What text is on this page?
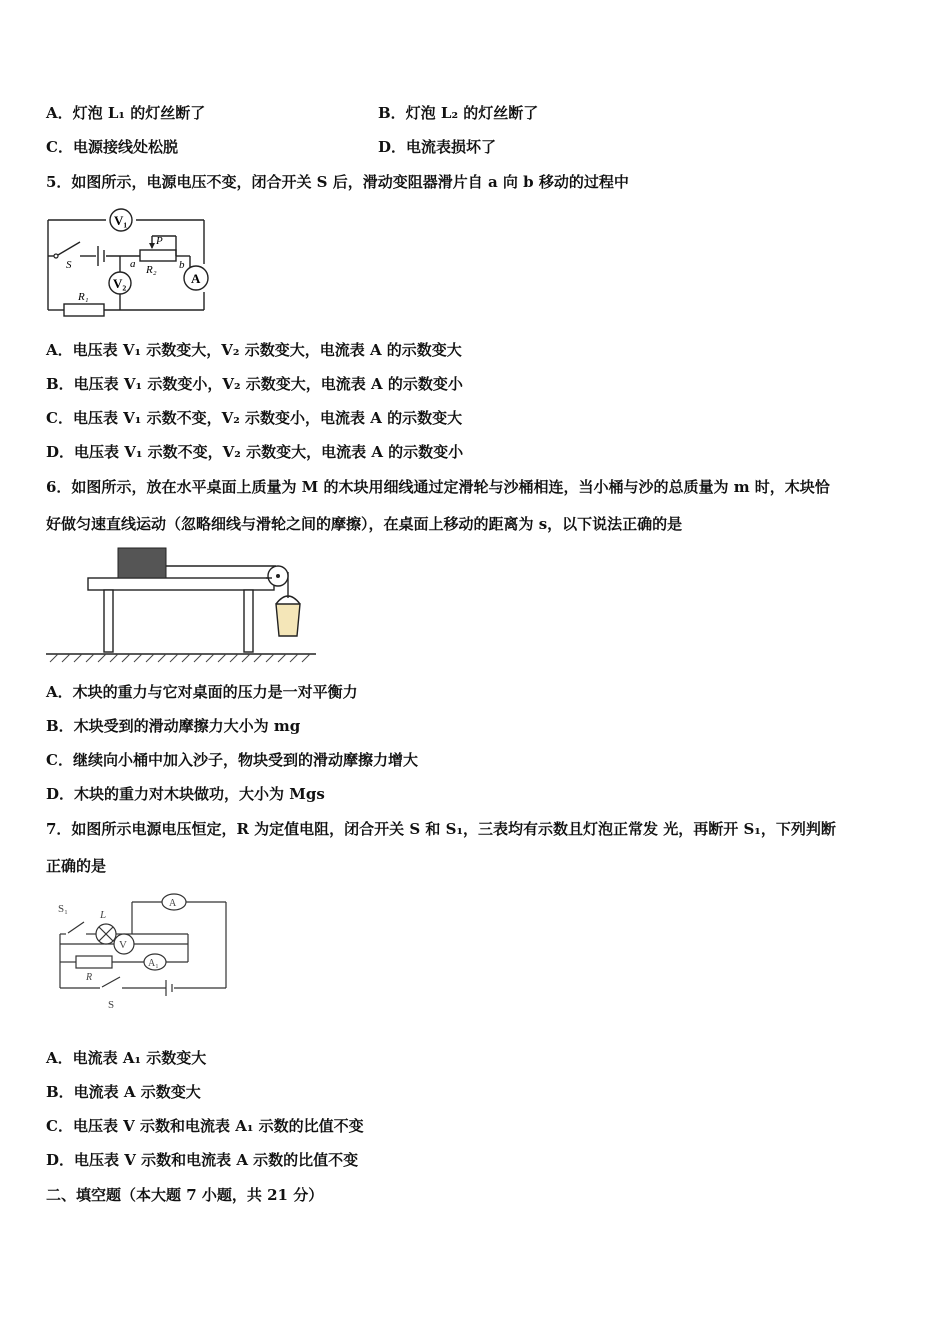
A．灯泡 L₁ 的灯丝断了	B．灯泡 L₂ 的灯丝断了
C．电源接线处松脱	D．电流表损坏了
5．如图所示，电源电压不变，闭合开关 S 后，滑动变阻器滑片自 a 向 b 移动的过程中
V₁
V₂	A
S
P
R₂
R₁
a	b
A．电压表 V₁ 示数变大，V₂ 示数变大，电流表 A 的示数变大
B．电压表 V₁ 示数变小，V₂ 示数变大，电流表 A 的示数变小
C．电压表 V₁ 示数不变，V₂ 示数变小，电流表 A 的示数变大
D．电压表 V₁ 示数不变，V₂ 示数变大，电流表 A 的示数变小
6．如图所示，放在水平桌面上质量为 M 的木块用细线通过定滑轮与沙桶相连，当小桶与沙的总质量为 m 时，木块恰
好做匀速直线运动（忽略细线与滑轮之间的摩擦），在桌面上移动的距离为 s，以下说法正确的是
A．木块的重力与它对桌面的压力是一对平衡力
B．木块受到的滑动摩擦力大小为 mg
C．继续向小桶中加入沙子，物块受到的滑动摩擦力增大
D．木块的重力对木块做功，大小为 Mgs
7．如图所示电源电压恒定，R 为定值电阻，闭合开关 S 和 S₁，三表均有示数且灯泡正常发 光，再断开 S₁，下列判断
正确的是
S₁	L
A
V
A₁
R
S
A．电流表 A₁ 示数变大
B．电流表 A 示数变大
C．电压表 V 示数和电流表 A₁ 示数的比值不变
D．电压表 V 示数和电流表 A 示数的比值不变
二、填空题（本大题 7 小题，共 21 分）
